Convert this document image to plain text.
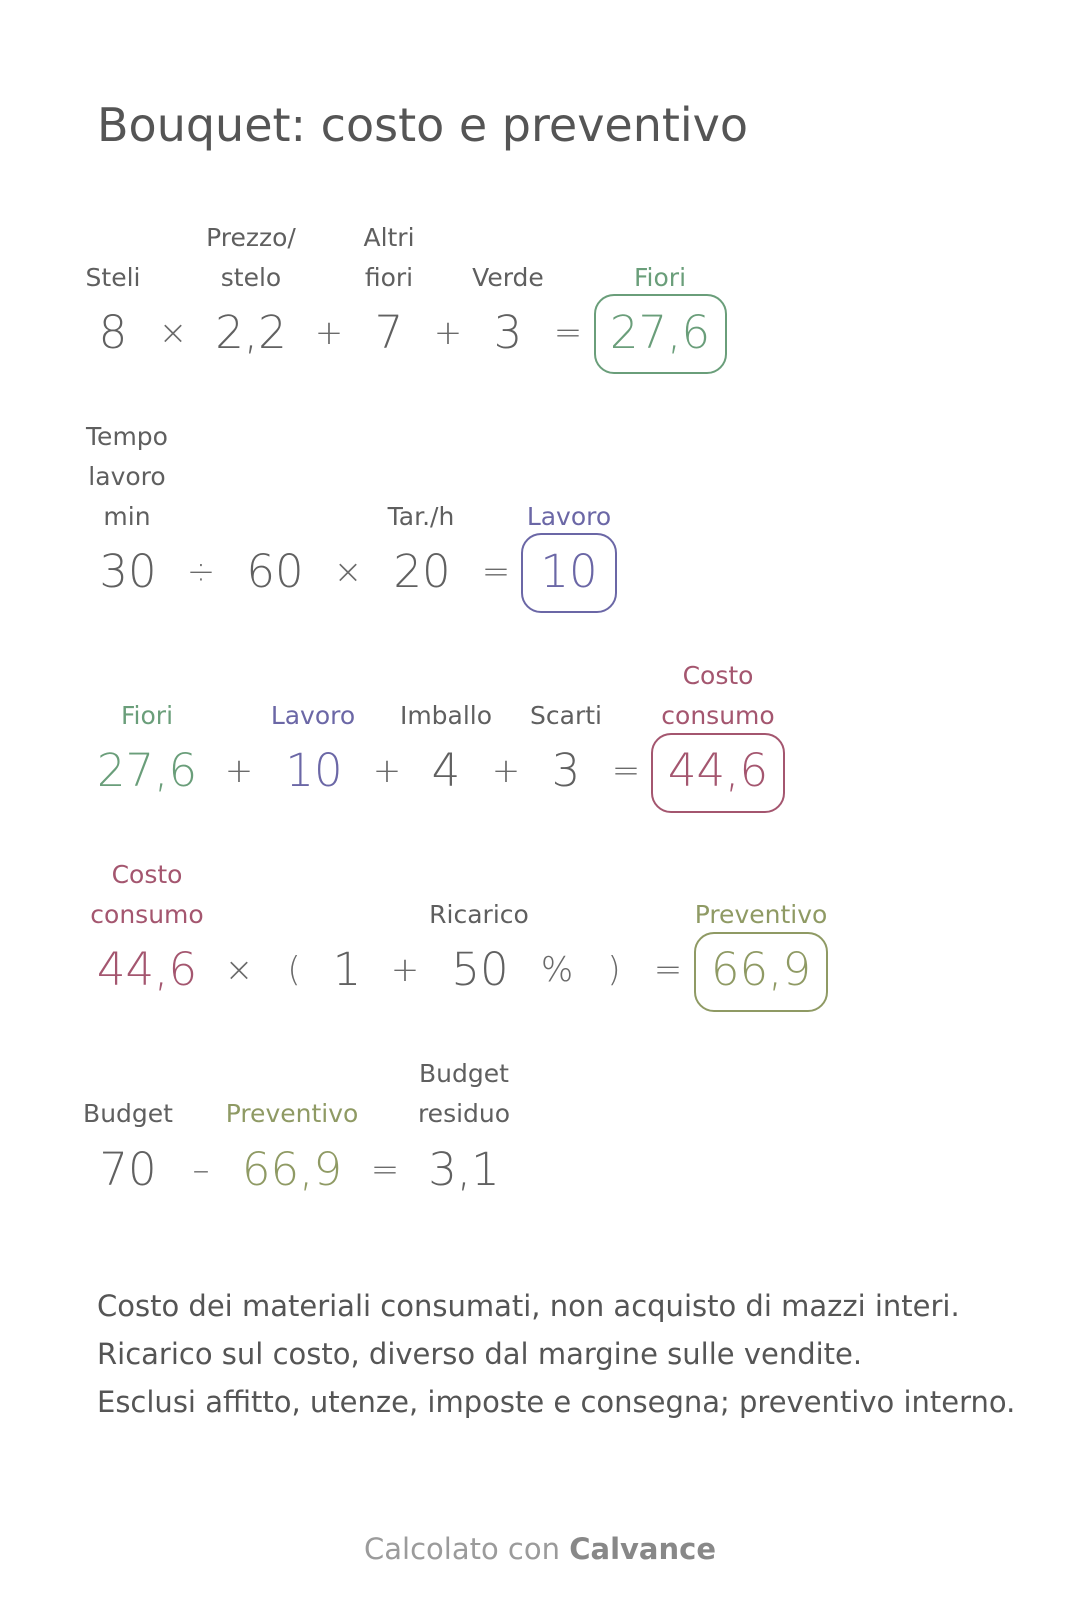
Bouquet: costo e preventivo
Steli
Prezzo/
stelo
Altri
fiori Verde	Fiori
8 × 2,2 + 7 + 3 = 27,6
Tempo
lavoro
min	Tar./h	Lavoro
30 ÷ 60 × 20 = 10
Fiori	Lavoro Imballo Scarti
Costo
consumo
27,6 + 10 + 4 + 3 = 44,6
Costo
consumo	Ricarico	Preventivo
44,6 × ( 1 + 50 % ) = 66,9
Budget Preventivo
Budget
residuo
70 – 66,9 = 3,1

Costo dei materiali consumati, non acquisto di mazzi interi.

Ricarico sul costo, diverso dal margine sulle vendite.

Esclusi affitto, utenze, imposte e consegna; preventivo interno.

Calcolato con Calvance
